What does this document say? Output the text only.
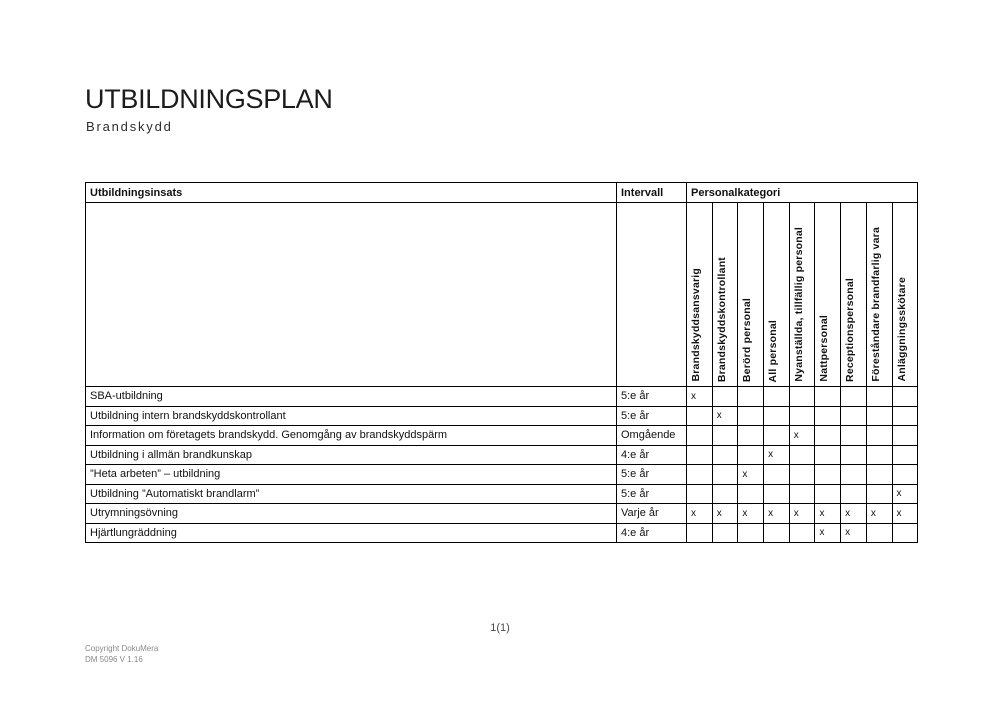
UTBILDNINGSPLAN
Brandskydd
Utbildningsinsats	Intervall	Personalkategori								
		Brandskyddsansvarig	Brandskyddskontrollant	Berörd personal	All personal	Nyanställda, tillfällig personal	Nattpersonal	Receptionspersonal	Föreståndare brandfarlig vara	Anläggningsskötare
SBA-utbildning	5:e år	x								
Utbildning intern brandskyddskontrollant	5:e år		x							
Information om företagets brandskydd. Genomgång av brandskyddspärm	Omgående					x				
Utbildning i allmän brandkunskap	4:e år				x					
”Heta arbeten” – utbildning	5:e år			x						
Utbildning ”Automatiskt brandlarm”	5:e år									x
Utrymningsövning	Varje år	x	x	x	x	x	x	x	x	x
Hjärtlungräddning	4:e år						x	x		
1(1)
Copyright DokuMera
DM 5096 V 1.16
